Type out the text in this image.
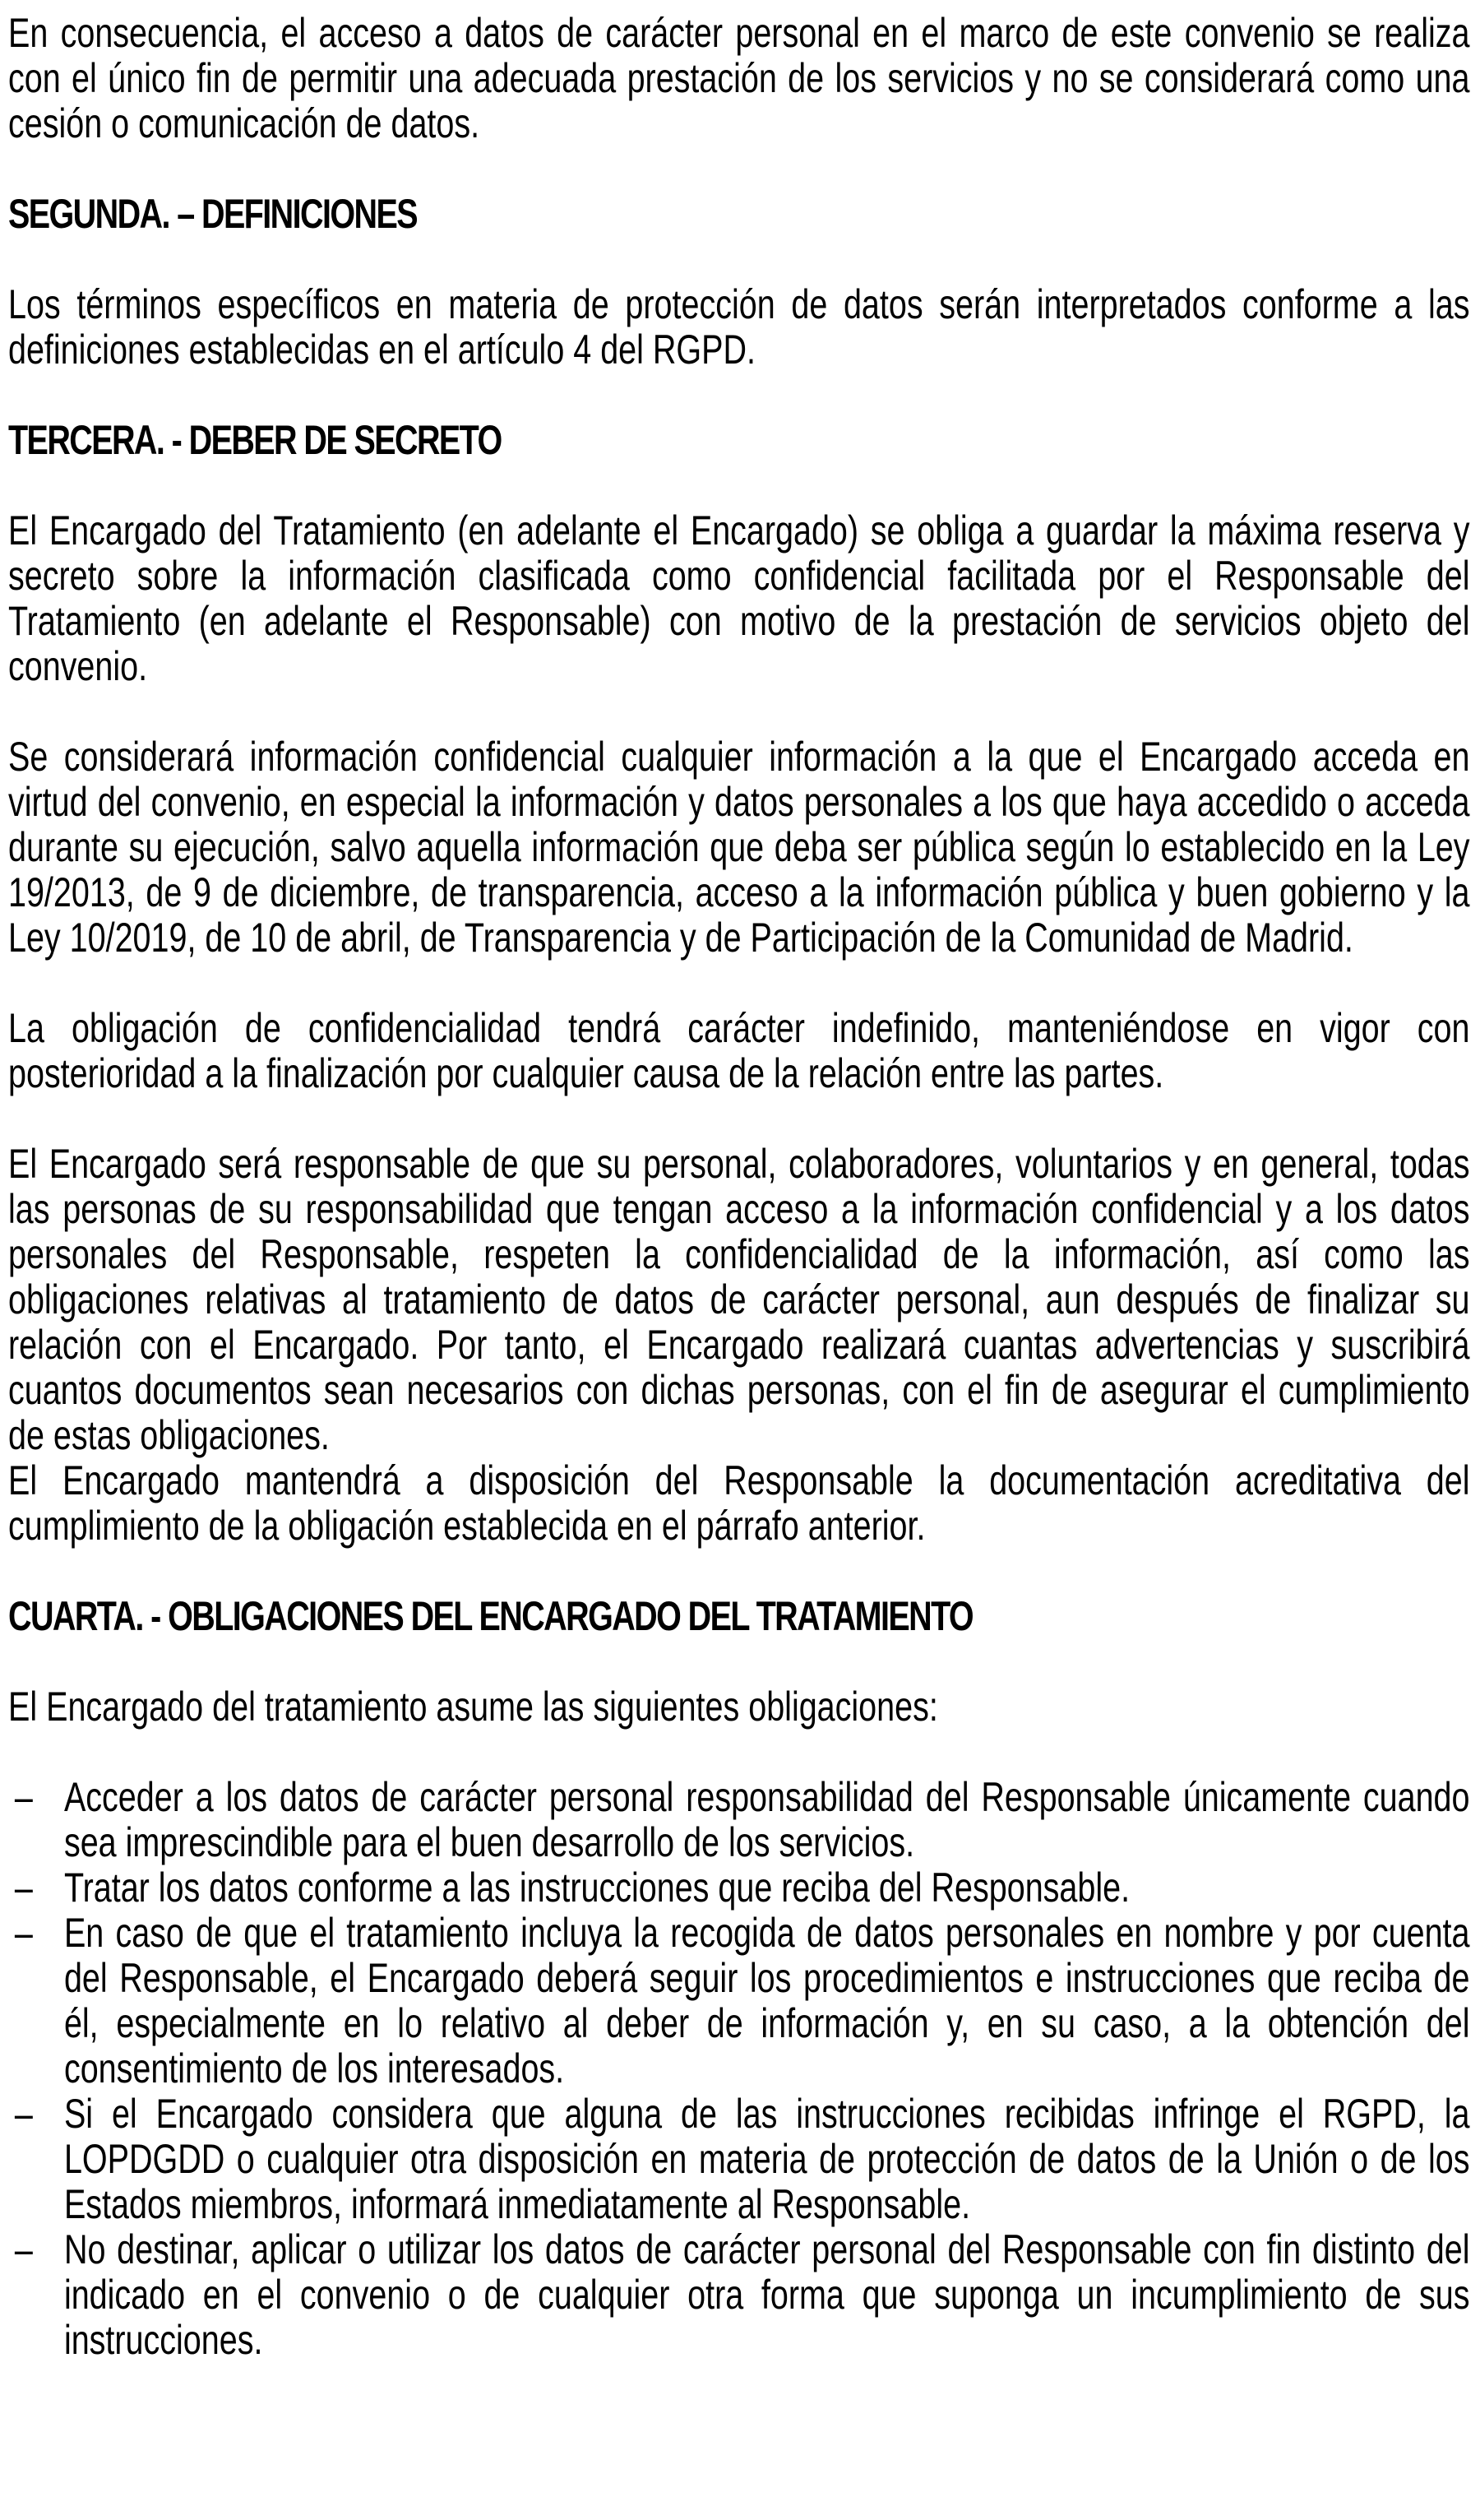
En consecuencia, el acceso a datos de carácter personal en el marco de este convenio se realiza con el único fin de permitir una adecuada prestación de los servicios y no se considerará como una cesión o comunicación de datos.

SEGUNDA. – DEFINICIONES

Los términos específicos en materia de protección de datos serán interpretados conforme a las definiciones establecidas en el artículo 4 del RGPD.

TERCERA. - DEBER DE SECRETO

El Encargado del Tratamiento (en adelante el Encargado) se obliga a guardar la máxima reserva y secreto sobre la información clasificada como confidencial facilitada por el Responsable del Tratamiento (en adelante el Responsable) con motivo de la prestación de servicios objeto del convenio.

Se considerará información confidencial cualquier información a la que el Encargado acceda en virtud del convenio, en especial la información y datos personales a los que haya accedido o acceda durante su ejecución, salvo aquella información que deba ser pública según lo establecido en la Ley 19/2013, de 9 de diciembre, de transparencia, acceso a la información pública y buen gobierno y la Ley 10/2019, de 10 de abril, de Transparencia y de Participación de la Comunidad de Madrid.

La obligación de confidencialidad tendrá carácter indefinido, manteniéndose en vigor con posterioridad a la finalización por cualquier causa de la relación entre las partes.

El Encargado será responsable de que su personal, colaboradores, voluntarios y en general, todas las personas de su responsabilidad que tengan acceso a la información confidencial y a los datos personales del Responsable, respeten la confidencialidad de la información, así como las obligaciones relativas al tratamiento de datos de carácter personal, aun después de finalizar su relación con el Encargado. Por tanto, el Encargado realizará cuantas advertencias y suscribirá cuantos documentos sean necesarios con dichas personas, con el fin de asegurar el cumplimiento de estas obligaciones.

El Encargado mantendrá a disposición del Responsable la documentación acreditativa del cumplimiento de la obligación establecida en el párrafo anterior.

CUARTA. - OBLIGACIONES DEL ENCARGADO DEL TRATAMIENTO

El Encargado del tratamiento asume las siguientes obligaciones:

– Acceder a los datos de carácter personal responsabilidad del Responsable únicamente cuando sea imprescindible para el buen desarrollo de los servicios.
– Tratar los datos conforme a las instrucciones que reciba del Responsable.
– En caso de que el tratamiento incluya la recogida de datos personales en nombre y por cuenta del Responsable, el Encargado deberá seguir los procedimientos e instrucciones que reciba de él, especialmente en lo relativo al deber de información y, en su caso, a la obtención del consentimiento de los interesados.
– Si el Encargado considera que alguna de las instrucciones recibidas infringe el RGPD, la LOPDGDD o cualquier otra disposición en materia de protección de datos de la Unión o de los Estados miembros, informará inmediatamente al Responsable.
– No destinar, aplicar o utilizar los datos de carácter personal del Responsable con fin distinto del indicado en el convenio o de cualquier otra forma que suponga un incumplimiento de sus instrucciones.
